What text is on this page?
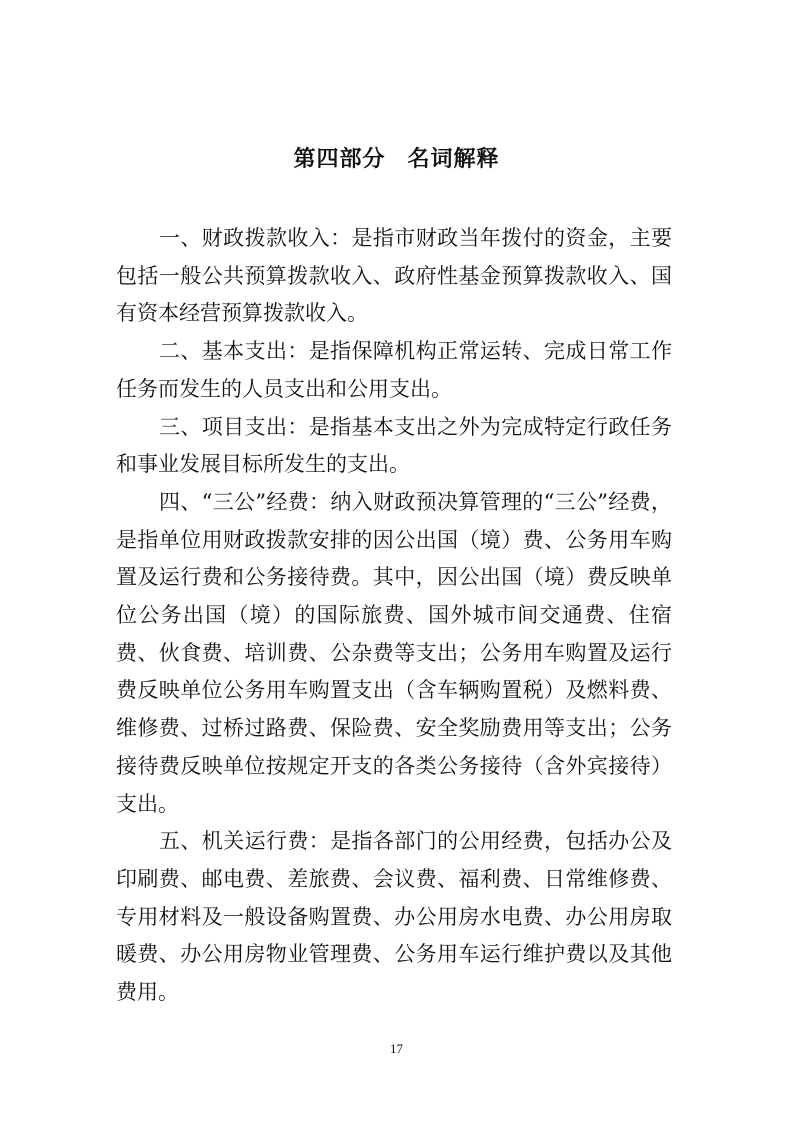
第四部分 名词解释

一、财政拨款收入：是指市财政当年拨付的资金，主要包括一般公共预算拨款收入、政府性基金预算拨款收入、国有资本经营预算拨款收入。

二、基本支出：是指保障机构正常运转、完成日常工作任务而发生的人员支出和公用支出。

三、项目支出：是指基本支出之外为完成特定行政任务和事业发展目标所发生的支出。

四、“三公”经费：纳入财政预决算管理的“三公”经费，是指单位用财政拨款安排的因公出国（境）费、公务用车购置及运行费和公务接待费。其中，因公出国（境）费反映单位公务出国（境）的国际旅费、国外城市间交通费、住宿费、伙食费、培训费、公杂费等支出；公务用车购置及运行费反映单位公务用车购置支出（含车辆购置税）及燃料费、维修费、过桥过路费、保险费、安全奖励费用等支出；公务接待费反映单位按规定开支的各类公务接待（含外宾接待）支出。

五、机关运行费：是指各部门的公用经费，包括办公及印刷费、邮电费、差旅费、会议费、福利费、日常维修费、专用材料及一般设备购置费、办公用房水电费、办公用房取暖费、办公用房物业管理费、公务用车运行维护费以及其他费用。

17
